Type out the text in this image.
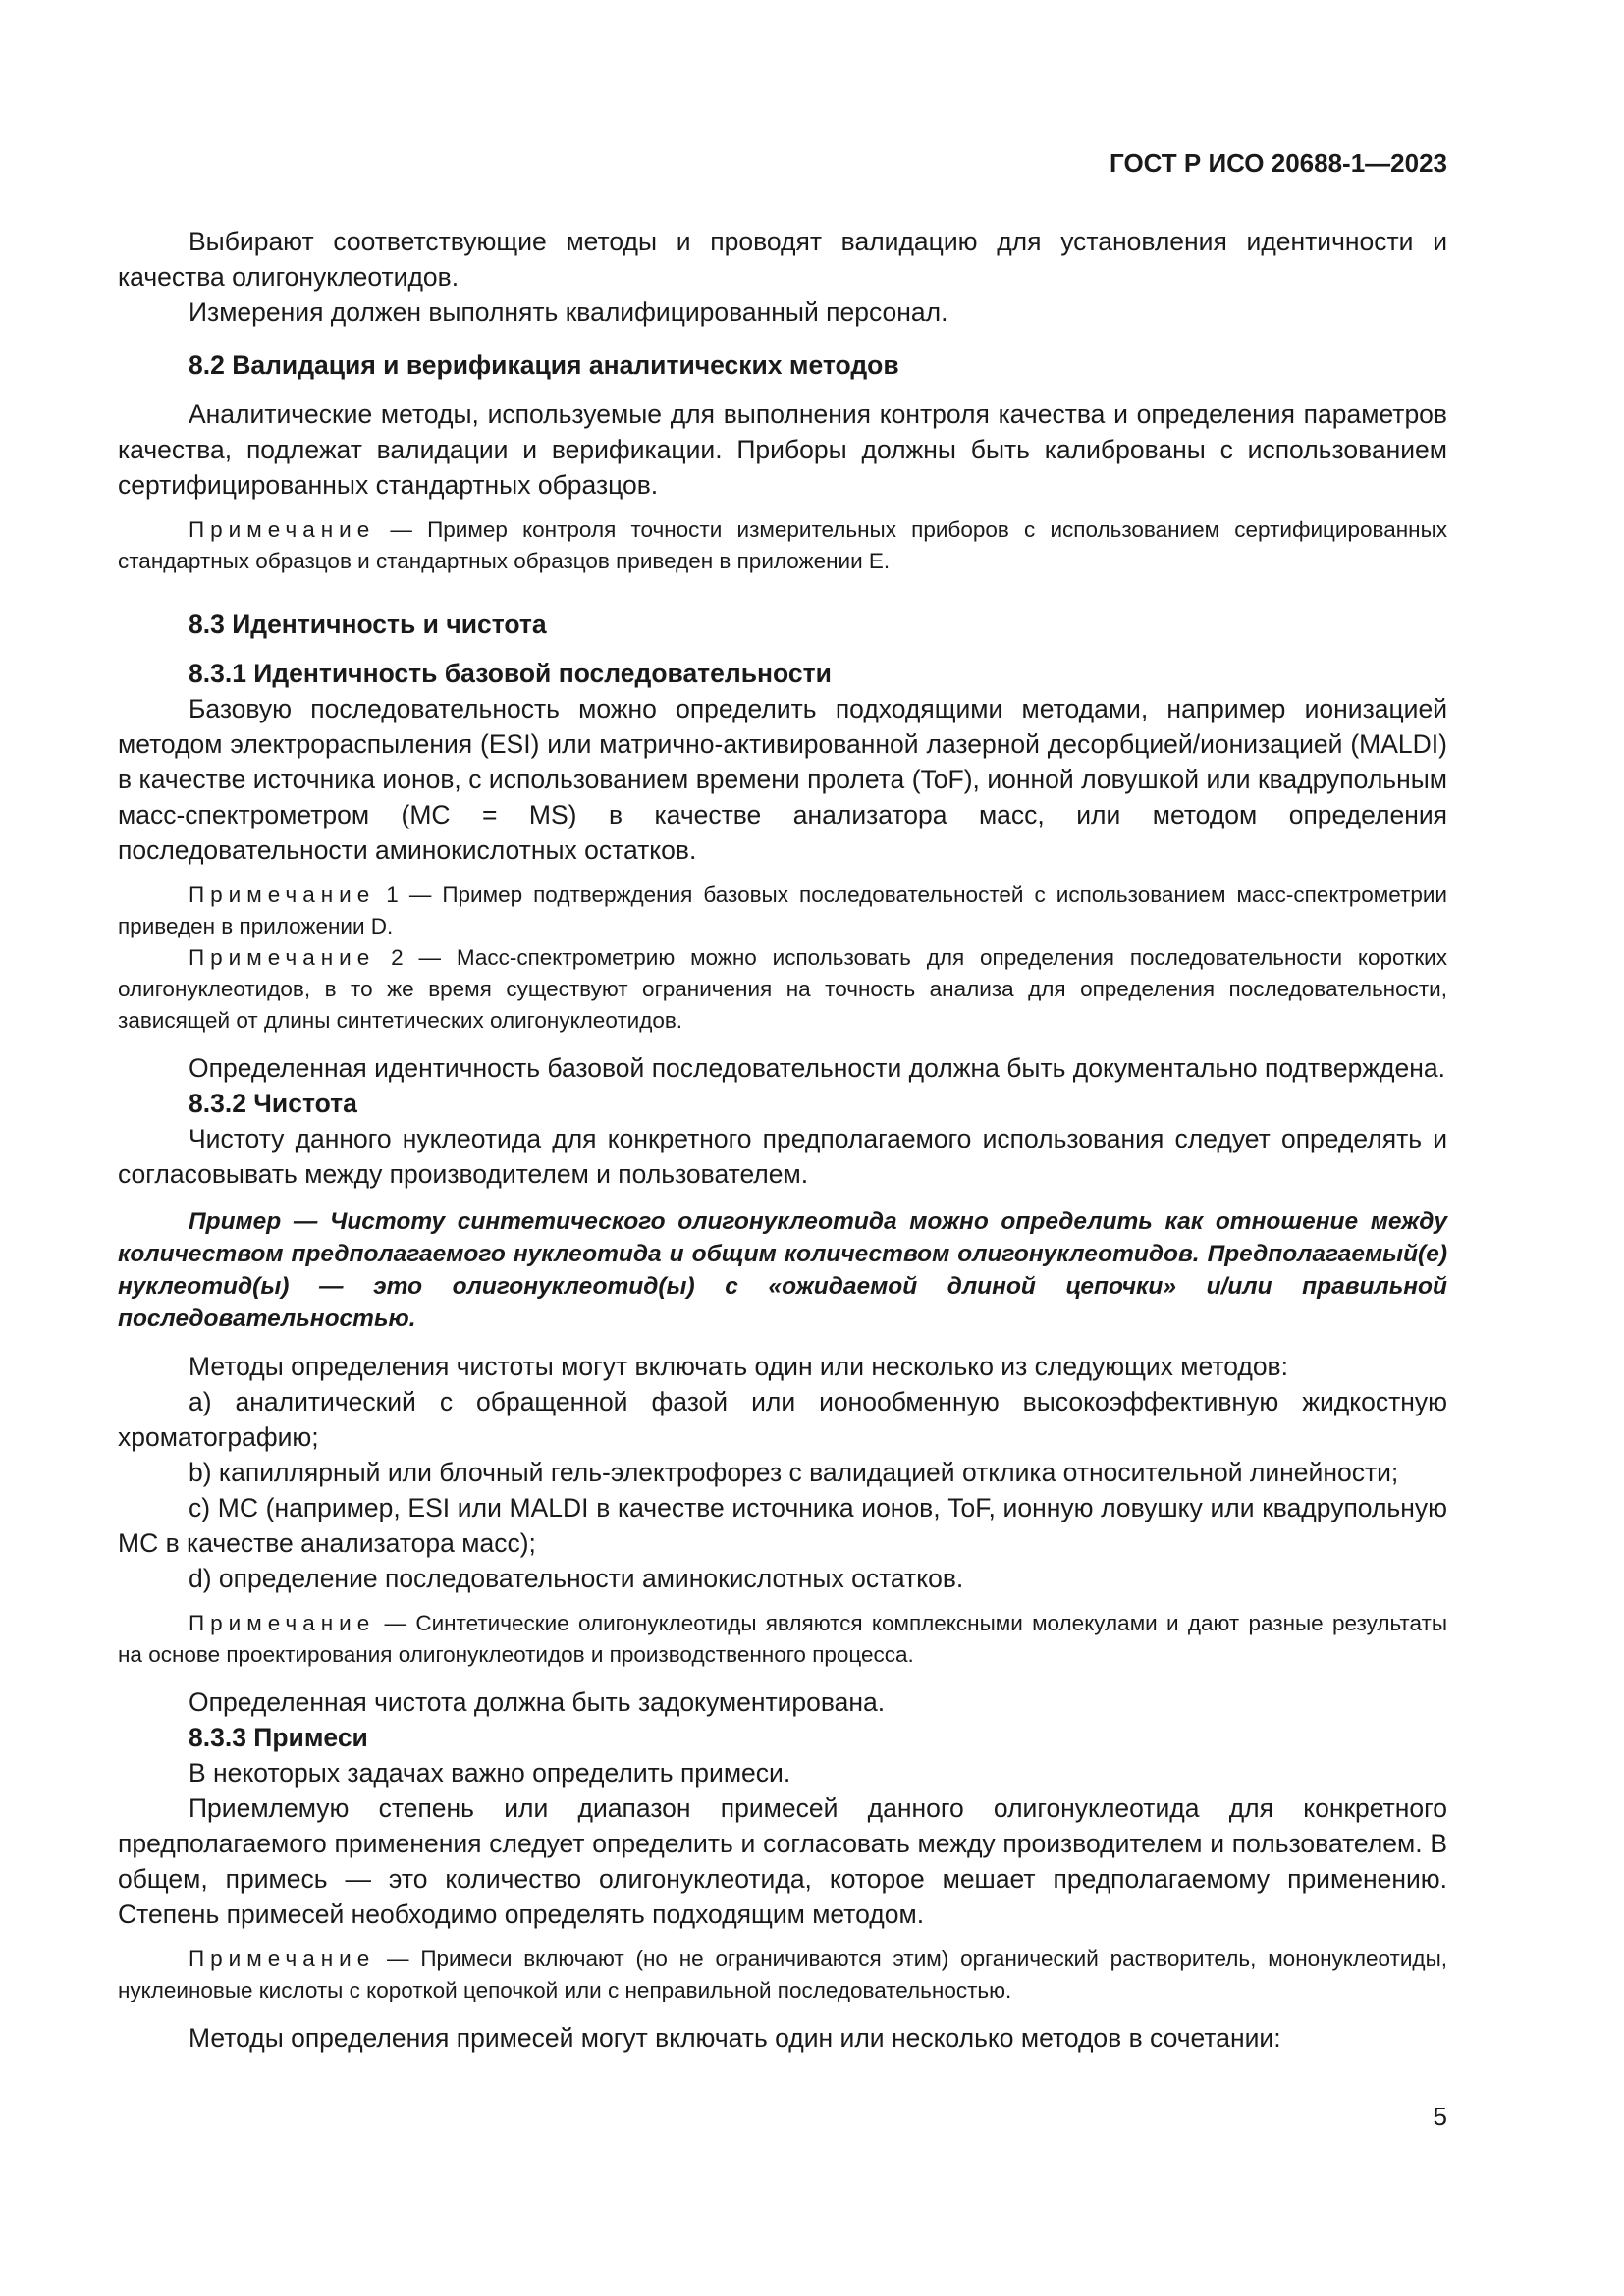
ГОСТ Р ИСО 20688-1—2023

Выбирают соответствующие методы и проводят валидацию для установления идентичности и качества олигонуклеотидов.

Измерения должен выполнять квалифицированный персонал.

8.2 Валидация и верификация аналитических методов

Аналитические методы, используемые для выполнения контроля качества и определения параметров качества, подлежат валидации и верификации. Приборы должны быть калиброваны с использованием сертифицированных стандартных образцов.

Примечание — Пример контроля точности измерительных приборов с использованием сертифицированных стандартных образцов и стандартных образцов приведен в приложении Е.

8.3 Идентичность и чистота

8.3.1 Идентичность базовой последовательности

Базовую последовательность можно определить подходящими методами, например ионизацией методом электрораспыления (ESI) или матрично-активированной лазерной десорбцией/ионизацией (MALDI) в качестве источника ионов, с использованием времени пролета (ToF), ионной ловушкой или квадрупольным масс-спектрометром (MC = MS) в качестве анализатора масс, или методом определения последовательности аминокислотных остатков.

Примечание 1 — Пример подтверждения базовых последовательностей с использованием масс-спектрометрии приведен в приложении D.

Примечание 2 — Масс-спектрометрию можно использовать для определения последовательности коротких олигонуклеотидов, в то же время существуют ограничения на точность анализа для определения последовательности, зависящей от длины синтетических олигонуклеотидов.

Определенная идентичность базовой последовательности должна быть документально подтверждена.

8.3.2 Чистота

Чистоту данного нуклеотида для конкретного предполагаемого использования следует определять и согласовывать между производителем и пользователем.

Пример — Чистоту синтетического олигонуклеотида можно определить как отношение между количеством предполагаемого нуклеотида и общим количеством олигонуклеотидов. Предполагаемый(е) нуклеотид(ы) — это олигонуклеотид(ы) с «ожидаемой длиной цепочки» и/или правильной последовательностью.

Методы определения чистоты могут включать один или несколько из следующих методов:

a) аналитический с обращенной фазой или ионообменную высокоэффективную жидкостную хроматографию;

b) капиллярный или блочный гель-электрофорез с валидацией отклика относительной линейности;

c) MC (например, ESI или MALDI в качестве источника ионов, ToF, ионную ловушку или квадрупольную MC в качестве анализатора масс);

d) определение последовательности аминокислотных остатков.

Примечание — Синтетические олигонуклеотиды являются комплексными молекулами и дают разные результаты на основе проектирования олигонуклеотидов и производственного процесса.

Определенная чистота должна быть задокументирована.

8.3.3 Примеси

В некоторых задачах важно определить примеси.

Приемлемую степень или диапазон примесей данного олигонуклеотида для конкретного предполагаемого применения следует определить и согласовать между производителем и пользователем. В общем, примесь — это количество олигонуклеотида, которое мешает предполагаемому применению. Степень примесей необходимо определять подходящим методом.

Примечание — Примеси включают (но не ограничиваются этим) органический растворитель, мононуклеотиды, нуклеиновые кислоты с короткой цепочкой или с неправильной последовательностью.

Методы определения примесей могут включать один или несколько методов в сочетании:

5
